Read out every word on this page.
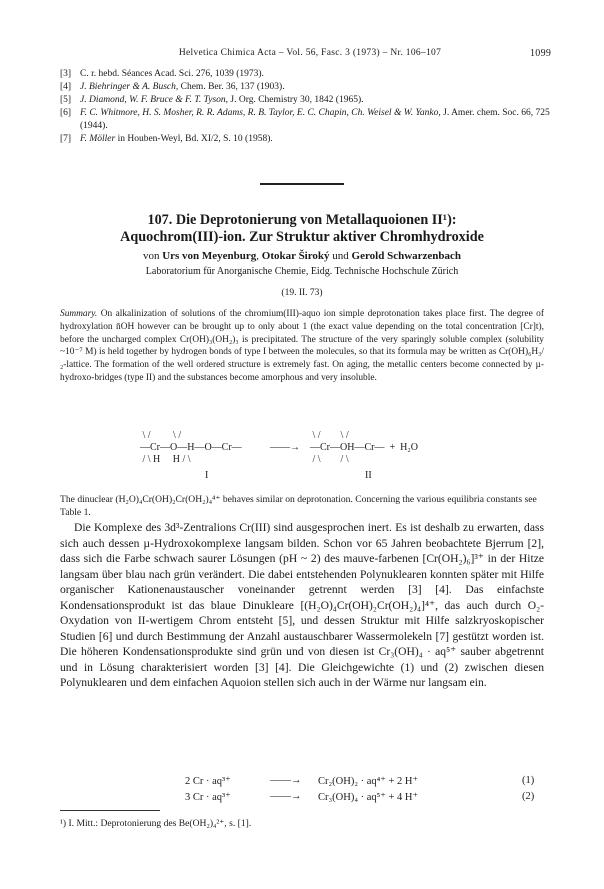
Helvetica Chimica Acta – Vol. 56, Fasc. 3 (1973) – Nr. 106–107	1099
[3] C. r. hebd. Séances Acad. Sci. 276, 1039 (1973).
[4] J. Biehringer & A. Busch, Chem. Ber. 36, 137 (1903).
[5] J. Diamond, W. F. Bruce & F. T. Tyson, J. Org. Chemistry 30, 1842 (1965).
[6] F. C. Whitmore, H. S. Mosher, R. R. Adams, R. B. Taylor, E. C. Chapin, Ch. Weisel & W. Yanko, J. Amer. chem. Soc. 66, 725 (1944).
[7] F. Möller in Houben-Weyl, Bd. XI/2, S. 10 (1958).
107. Die Deprotonierung von Metallaquoionen II¹):
Aquochrom(III)-ion. Zur Struktur aktiver Chromhydroxide
von Urs von Meyenburg, Otokar Široký und Gerold Schwarzenbach
Laboratorium für Anorganische Chemie, Eidg. Technische Hochschule Zürich
(19. II. 73)
Summary. On alkalinization of solutions of the chromium(III)-aquo ion simple deprotonation takes place first. The degree of hydroxylation n̄OH however can be brought up to only about 1 (the exact value depending on the total concentration [Cr]t), before the uncharged complex Cr(OH)₃(OH₂)₃ is precipitated. The structure of the very sparingly soluble complex (solubility ~10⁻⁷ M) is held together by hydrogen bonds of type I between the molecules, so that its formula may be written as Cr(OH)₆H₃/₂-lattice. The formation of the well ordered structure is extremely fast. On aging, the metallic centers become connected by µ-hydroxo-bridges (type II) and the substances become amorphous and very insoluble.
\ /         \ /
—Cr—O—H—O—Cr—
/ \ H     H / \
——→
\ /        \ /
—Cr—OH—Cr—  +  H₂O
/ \        / \
I	II
The dinuclear (H₂O)₄Cr(OH)₂Cr(OH₂)₄⁴⁺ behaves similar on deprotonation. Concerning the various equilibria constants see Table 1.
Die Komplexe des 3d³-Zentralions Cr(III) sind ausgesprochen inert. Es ist deshalb zu erwarten, dass sich auch dessen µ-Hydroxokomplexe langsam bilden. Schon vor 65 Jahren beobachtete Bjerrum [2], dass sich die Farbe schwach saurer Lösungen (pH ~ 2) des mauve-farbenen [Cr(OH₂)₆]³⁺ in der Hitze langsam über blau nach grün verändert. Die dabei entstehenden Polynuklearen konnten später mit Hilfe organischer Kationenaustauscher voneinander getrennt werden [3] [4]. Das einfachste Kondensationsprodukt ist das blaue Dinukleare [(H₂O)₄Cr(OH)₂Cr(OH₂)₄]⁴⁺, das auch durch O₂-Oxydation von II-wertigem Chrom entsteht [5], und dessen Struktur mit Hilfe salzkryoskopischer Studien [6] und durch Bestimmung der Anzahl austauschbarer Wassermolekeln [7] gestützt worden ist. Die höheren Kondensationsprodukte sind grün und von diesen ist Cr₃(OH)₄ · aq⁵⁺ sauber abgetrennt und in Lösung charakterisiert worden [3] [4]. Die Gleichgewichte (1) und (2) zwischen diesen Polynuklearen und dem einfachen Aquoion stellen sich auch in der Wärme nur langsam ein.
2 Cr · aq³⁺	——→ Cr₂(OH)₂ · aq⁴⁺ + 2 H⁺	(1)
3 Cr · aq³⁺	——→ Cr₃(OH)₄ · aq⁵⁺ + 4 H⁺	(2)
¹) I. Mitt.: Deprotonierung des Be(OH₂)₄²⁺, s. [1].
